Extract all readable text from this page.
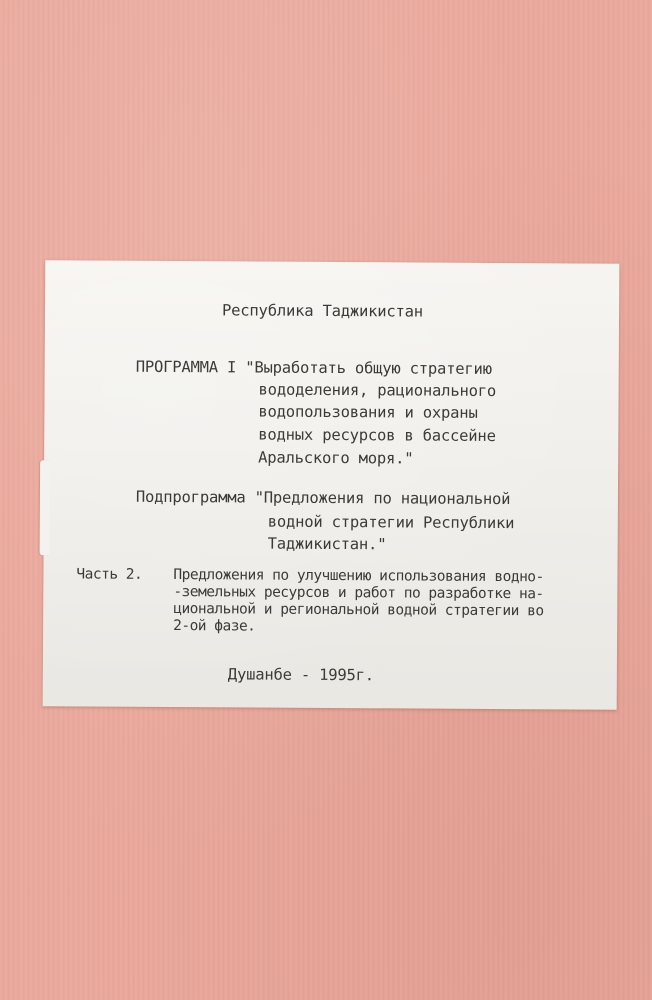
Республика Таджикистан

ПРОГРАММА I "Выработать общую стратегию

вододеления, рационального

водопользования и охраны

водных ресурсов в бассейне

Аральского моря."

Подпрограмма "Предложения по национальной

водной стратегии Республики

Таджикистан."

Часть 2. Предложения по улучшению использования водно-

-земельных ресурсов и работ по разработке на-

циональной и региональной водной стратегии во

2-ой фазе.

Душанбе - 1995г.
